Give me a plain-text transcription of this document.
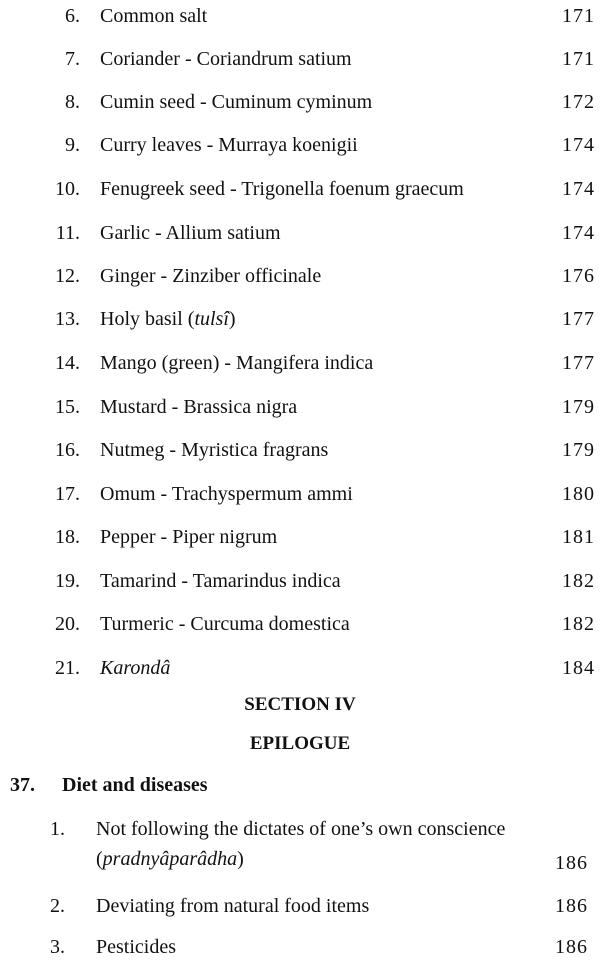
6. Common salt	171
7. Coriander - Coriandrum satium	171
8. Cumin seed - Cuminum cyminum	172
9. Curry leaves - Murraya koenigii	174
10. Fenugreek seed - Trigonella foenum graecum	174
11. Garlic - Allium satium	174
12. Ginger - Zinziber officinale	176
13. Holy basil (tulsî)	177
14. Mango (green) - Mangifera indica	177
15. Mustard - Brassica nigra	179
16. Nutmeg - Myristica fragrans	179
17. Omum - Trachyspermum ammi	180
18. Pepper - Piper nigrum	181
19. Tamarind - Tamarindus indica	182
20. Turmeric - Curcuma domestica	182
21. Karondâ	184
SECTION IV
EPILOGUE
37. Diet and diseases
1. Not following the dictates of one’s own conscience
(pradnyâparâdha)	186
2. Deviating from natural food items	186
3. Pesticides	186
